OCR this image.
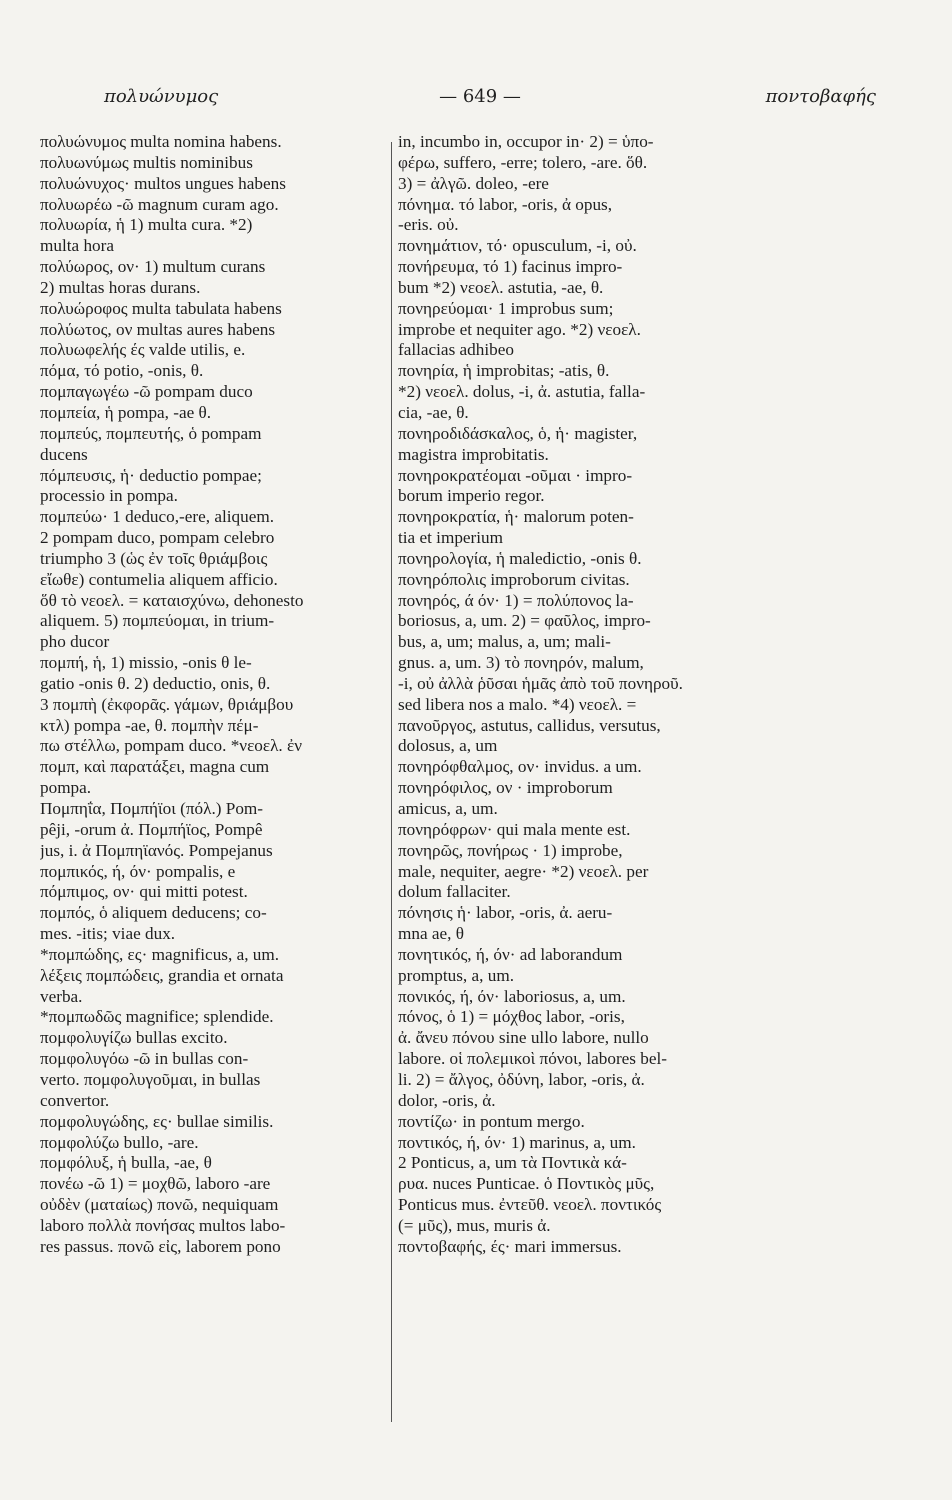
πολυώνυμος	— 649 —	ποντοβαφής
πολυώνυμος multa nomina habens.
πολυωνύμως multis nominibus
πολυώνυχος· multos ungues habens
πολυωρέω -ῶ magnum curam ago.
πολυωρία, ἡ 1) multa cura. *2)
multa hora
πολύωρος, ον· 1) multum curans
2) multas horas durans.
πολυώροφος multa tabulata habens
πολύωτος, ον multas aures habens
πολυωφελής ές valde utilis, e.
πόμα, τό potio, -onis, θ.
πομπαγωγέω -ῶ pompam duco
πομπεία, ἡ pompa, -ae θ.
πομπεύς, πομπευτής, ὁ pompam
ducens
πόμπευσις, ἡ· deductio pompae;
processio in pompa.
πομπεύω· 1 deduco,-ere, aliquem.
2 pompam duco, pompam celebro
triumpho 3 (ὡς ἐν τοῖς θριάμβοις
εἴωθε) contumelia aliquem afficio.
ὅθ τὸ νεοελ. = καταισχύνω, dehonesto
aliquem. 5) πομπεύομαι, in trium-
pho ducor
πομπή, ἡ, 1) missio, -onis θ le-
gatio -onis θ. 2) deductio, onis, θ.
3 πομπὴ (ἐκφορᾶς. γάμων, θριάμβου
κτλ) pompa -ae, θ. πομπὴν πέμ-
πω στέλλω, pompam duco. *νεοελ. ἐν
πομπ, καὶ παρατάξει, magna cum
pompa.
Πομπηΐα, Πομπήϊοι (πόλ.) Pom-
pêji, -orum ἀ. Πομπήϊος, Pompê
jus, i. ἀ Πομπηϊανός. Pompejanus
πομπικός, ή, όν· pompalis, e
πόμπιμος, ον· qui mitti potest.
πομπός, ὁ aliquem deducens; co-
mes. -itis; viae dux.
*πομπώδης, ες· magnificus, a, um.
λέξεις πομπώδεις, grandia et ornata
verba.
*πομπωδῶς magnifice; splendide.
πομφολυγίζω bullas excito.
πομφολυγόω -ῶ in bullas con-
verto. πομφολυγοῦμαι, in bullas
convertor.
πομφολυγώδης, ες· bullae similis.
πομφολύζω bullo, -are.
πομφόλυξ, ἡ bulla, -ae, θ
πονέω -ῶ 1) = μοχθῶ, laboro -are
οὐδὲν (ματαίως) πονῶ, nequiquam
laboro πολλὰ πονήσας multos labo-
res passus. πονῶ εἰς, laborem pono
in, incumbo in, occupor in· 2) = ὑπο-
φέρω, suffero, -erre; tolero, -are. ὅθ.
3) = ἀλγῶ. doleo, -ere
πόνημα. τό labor, -oris, ἀ opus,
-eris. οὐ.
πονημάτιον, τό· opusculum, -i, οὐ.
πονήρευμα, τό 1) facinus impro-
bum *2) νεοελ. astutia, -ae, θ.
πονηρεύομαι· 1 improbus sum;
improbe et nequiter ago. *2) νεοελ.
fallacias adhibeo
πονηρία, ἡ improbitas; -atis, θ.
*2) νεοελ. dolus, -i, ἀ. astutia, falla-
cia, -ae, θ.
πονηροδιδάσκαλος, ὁ, ἡ· magister,
magistra improbitatis.
πονηροκρατέομαι -οῦμαι · impro-
borum imperio regor.
πονηροκρατία, ἡ· malorum poten-
tia et imperium
πονηρολογία, ἡ maledictio, -onis θ.
πονηρόπολις improborum civitas.
πονηρός, ά όν· 1) = πολύπονος la-
boriosus, a, um. 2) = φαῦλος, impro-
bus, a, um; malus, a, um; mali-
gnus. a, um. 3) τὸ πονηρόν, malum,
-i, οὐ ἀλλὰ ῥῦσαι ἡμᾶς ἀπὸ τοῦ πονηροῦ.
sed libera nos a malo. *4) νεοελ. =
πανοῦργος, astutus, callidus, versutus,
dolosus, a, um
πονηρόφθαλμος, ον· invidus. a um.
πονηρόφιλος, ον · improborum
amicus, a, um.
πονηρόφρων· qui mala mente est.
πονηρῶς, πονήρως · 1) improbe,
male, nequiter, aegre· *2) νεοελ. per
dolum fallaciter.
πόνησις ἡ· labor, -oris, ἀ. aeru-
mna ae, θ
πονητικός, ή, όν· ad laborandum
promptus, a, um.
πονικός, ή, όν· laboriosus, a, um.
πόνος, ὁ 1) = μόχθος labor, -oris,
ἀ. ἄνευ πόνου sine ullo labore, nullo
labore. οἱ πολεμικοὶ πόνοι, labores bel-
li. 2) = ἄλγος, ὀδύνη, labor, -oris, ἀ.
dolor, -oris, ἀ.
ποντίζω· in pontum mergo.
ποντικός, ή, όν· 1) marinus, a, um.
2 Ponticus, a, um τὰ Ποντικὰ κά-
ρυα. nuces Punticae. ὁ Ποντικὸς μῦς,
Ponticus mus. ἐντεῦθ. νεοελ. ποντικός
(= μῦς), mus, muris ἀ.
ποντοβαφής, ές· mari immersus.
